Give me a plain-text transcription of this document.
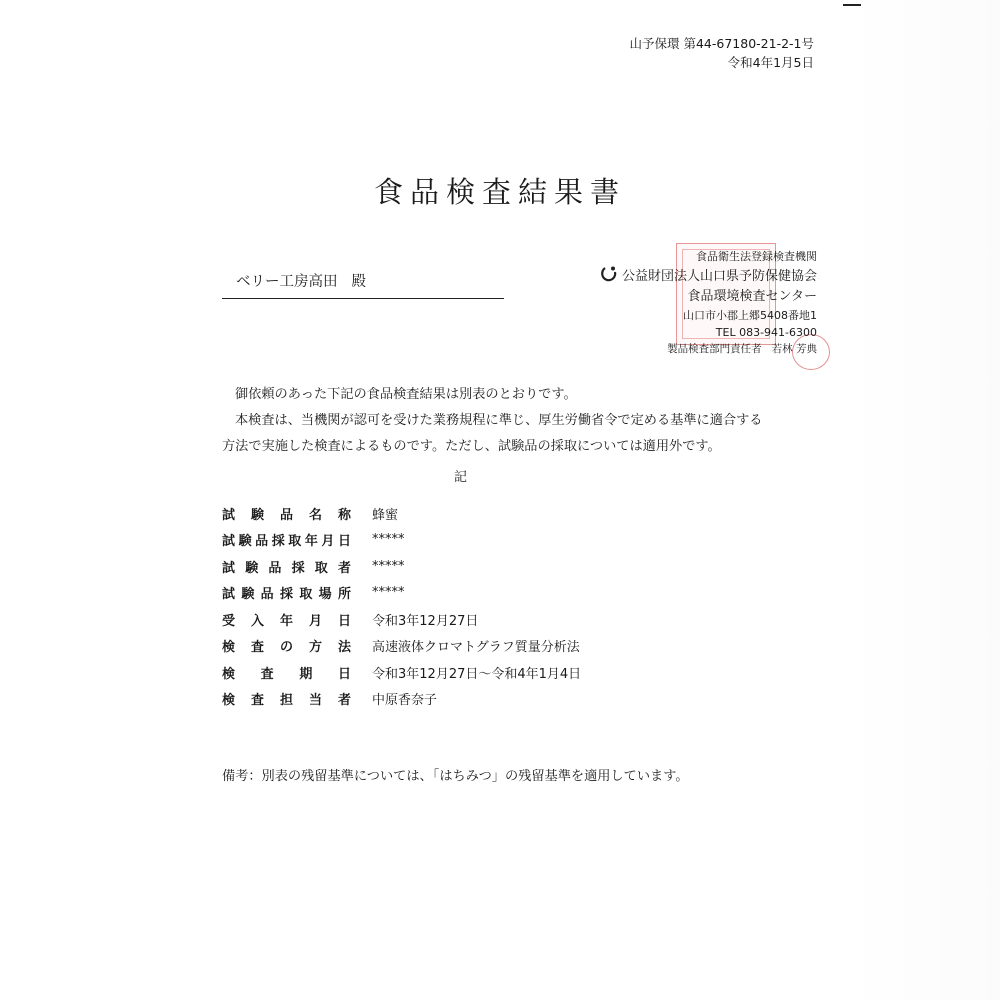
山予保環 第44-67180-21-2-1号
令和4年1月5日
食品検査結果書
ベリー工房高田 殿
食品衛生法登録検査機関
公益財団法人山口県予防保健協会
食品環境検査センター
山口市小郡上郷5408番地1
TEL 083-941-6300
製品検査部門責任者 若林 芳典
御依頼のあった下記の食品検査結果は別表のとおりです。
本検査は、当機関が認可を受けた業務規程に準じ、厚生労働省令で定める基準に適合する
方法で実施した検査によるものです。ただし、試験品の採取については適用外です。
記
試 験 品 名 称 蜂蜜
試 験 品 採 取 年 月 日 *****
試 験 品 採 取 者 *****
試 験 品 採 取 場 所 *****
受 入 年 月 日 令和3年12月27日
検 査 の 方 法 高速液体クロマトグラフ質量分析法
検 査 期 日 令和3年12月27日～令和4年1月4日
検 査 担 当 者 中原香奈子
備考：別表の残留基準については、「はちみつ」の残留基準を適用しています。
